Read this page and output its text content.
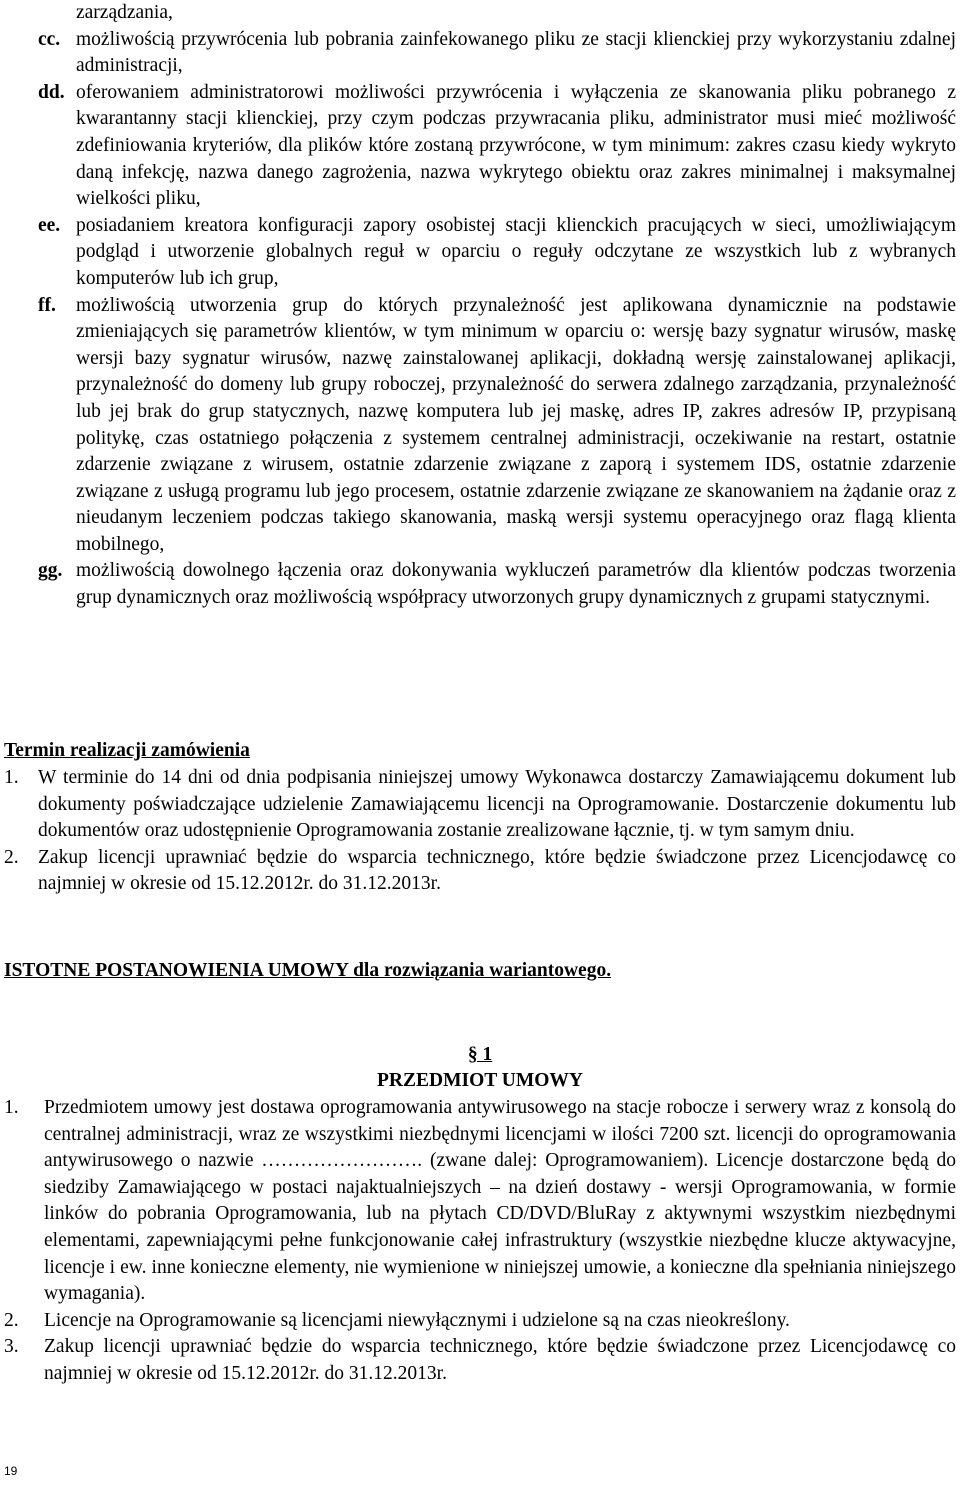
zarządzania,
cc. możliwością przywrócenia lub pobrania zainfekowanego pliku ze stacji klienckiej przy wykorzystaniu zdalnej administracji,
dd. oferowaniem administratorowi możliwości przywrócenia i wyłączenia ze skanowania pliku pobranego z kwarantanny stacji klienckiej, przy czym podczas przywracania pliku, administrator musi mieć możliwość zdefiniowania kryteriów, dla plików które zostaną przywrócone, w tym minimum: zakres czasu kiedy wykryto daną infekcję, nazwa danego zagrożenia, nazwa wykrytego obiektu oraz zakres minimalnej i maksymalnej wielkości pliku,
ee. posiadaniem kreatora konfiguracji zapory osobistej stacji klienckich pracujących w sieci, umożliwiającym podgląd i utworzenie globalnych reguł w oparciu o reguły odczytane ze wszystkich lub z wybranych komputerów lub ich grup,
ff. możliwością utworzenia grup do których przynależność jest aplikowana dynamicznie na podstawie zmieniających się parametrów klientów, w tym minimum w oparciu o: wersję bazy sygnatur wirusów, maskę wersji bazy sygnatur wirusów, nazwę zainstalowanej aplikacji, dokładną wersję zainstalowanej aplikacji, przynależność do domeny lub grupy roboczej, przynależność do serwera zdalnego zarządzania, przynależność lub jej brak do grup statycznych, nazwę komputera lub jej maskę, adres IP, zakres adresów IP, przypisaną politykę, czas ostatniego połączenia z systemem centralnej administracji, oczekiwanie na restart, ostatnie zdarzenie związane z wirusem, ostatnie zdarzenie związane z zaporą i systemem IDS, ostatnie zdarzenie związane z usługą programu lub jego procesem, ostatnie zdarzenie związane ze skanowaniem na żądanie oraz z nieudanym leczeniem podczas takiego skanowania, maską wersji systemu operacyjnego oraz flagą klienta mobilnego,
gg. możliwością dowolnego łączenia oraz dokonywania wykluczeń parametrów dla klientów podczas tworzenia grup dynamicznych oraz możliwością współpracy utworzonych grupy dynamicznych z grupami statycznymi.
Termin realizacji zamówienia
1. W terminie do 14 dni od dnia podpisania niniejszej umowy Wykonawca dostarczy Zamawiającemu dokument lub dokumenty poświadczające udzielenie Zamawiającemu licencji na Oprogramowanie. Dostarczenie dokumentu lub dokumentów oraz udostępnienie Oprogramowania zostanie zrealizowane łącznie, tj. w tym samym dniu.
2. Zakup licencji uprawniać będzie do wsparcia technicznego, które będzie świadczone przez Licencjodawcę co najmniej w okresie od 15.12.2012r. do 31.12.2013r.
ISTOTNE POSTANOWIENIA UMOWY dla rozwiązania wariantowego.
§ 1
PRZEDMIOT UMOWY
1. Przedmiotem umowy jest dostawa oprogramowania antywirusowego na stacje robocze i serwery wraz z konsolą do centralnej administracji, wraz ze wszystkimi niezbędnymi licencjami w ilości 7200 szt. licencji do oprogramowania antywirusowego o nazwie ……………………. (zwane dalej: Oprogramowaniem). Licencje dostarczone będą do siedziby Zamawiającego w postaci najaktualniejszych – na dzień dostawy - wersji Oprogramowania, w formie linków do pobrania Oprogramowania, lub na płytach CD/DVD/BluRay z aktywnymi wszystkim niezbędnymi elementami, zapewniającymi pełne funkcjonowanie całej infrastruktury (wszystkie niezbędne klucze aktywacyjne, licencje i ew. inne konieczne elementy, nie wymienione w niniejszej umowie, a konieczne dla spełniania niniejszego wymagania).
2. Licencje na Oprogramowanie są licencjami niewyłącznymi i udzielone są na czas nieokreślony.
3. Zakup licencji uprawniać będzie do wsparcia technicznego, które będzie świadczone przez Licencjodawcę co najmniej w okresie od 15.12.2012r. do 31.12.2013r.
19
